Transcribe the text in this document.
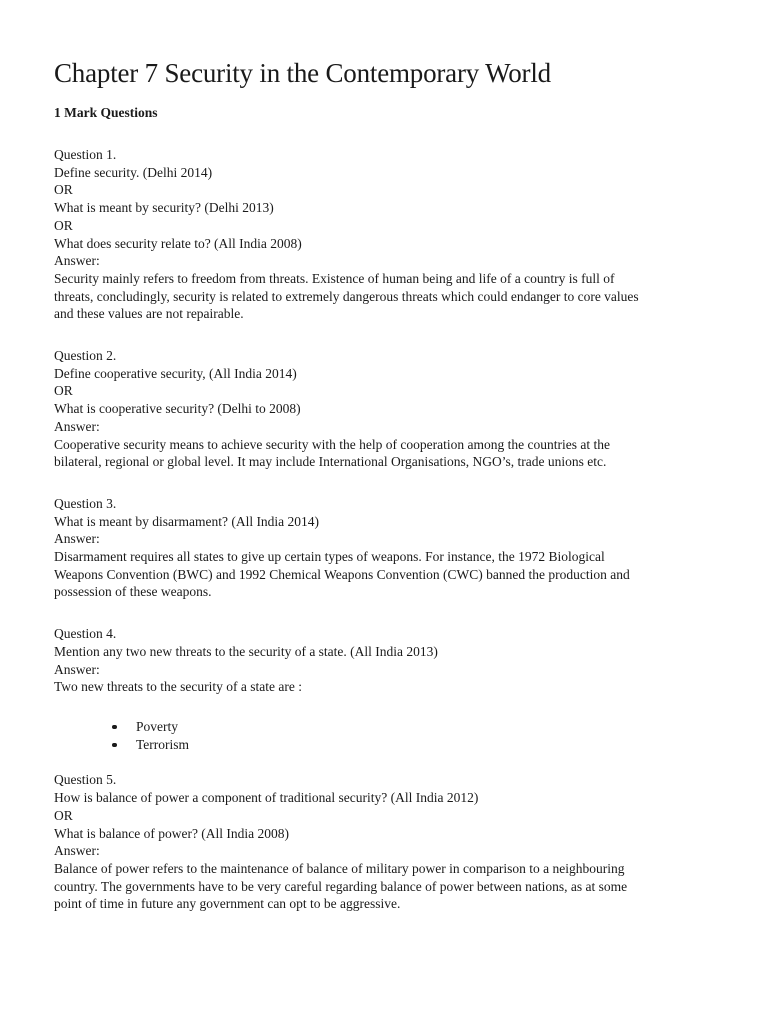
Chapter 7 Security in the Contemporary World
1 Mark Questions
Question 1.
Define security. (Delhi 2014)
OR
What is meant by security? (Delhi 2013)
OR
What does security relate to? (All India 2008)
Answer:
Security mainly refers to freedom from threats. Existence of human being and life of a country is full of
threats, concludingly, security is related to extremely dangerous threats which could endanger to core values
and these values are not repairable.
Question 2.
Define cooperative security, (All India 2014)
OR
What is cooperative security? (Delhi to 2008)
Answer:
Cooperative security means to achieve security with the help of cooperation among the countries at the
bilateral, regional or global level. It may include International Organisations, NGO’s, trade unions etc.
Question 3.
What is meant by disarmament? (All India 2014)
Answer:
Disarmament requires all states to give up certain types of weapons. For instance, the 1972 Biological
Weapons Convention (BWC) and 1992 Chemical Weapons Convention (CWC) banned the production and
possession of these weapons.
Question 4.
Mention any two new threats to the security of a state. (All India 2013)
Answer:
Two new threats to the security of a state are :
Poverty
Terrorism
Question 5.
How is balance of power a component of traditional security? (All India 2012)
OR
What is balance of power? (All India 2008)
Answer:
Balance of power refers to the maintenance of balance of military power in comparison to a neighbouring
country. The governments have to be very careful regarding balance of power between nations, as at some
point of time in future any government can opt to be aggressive.
